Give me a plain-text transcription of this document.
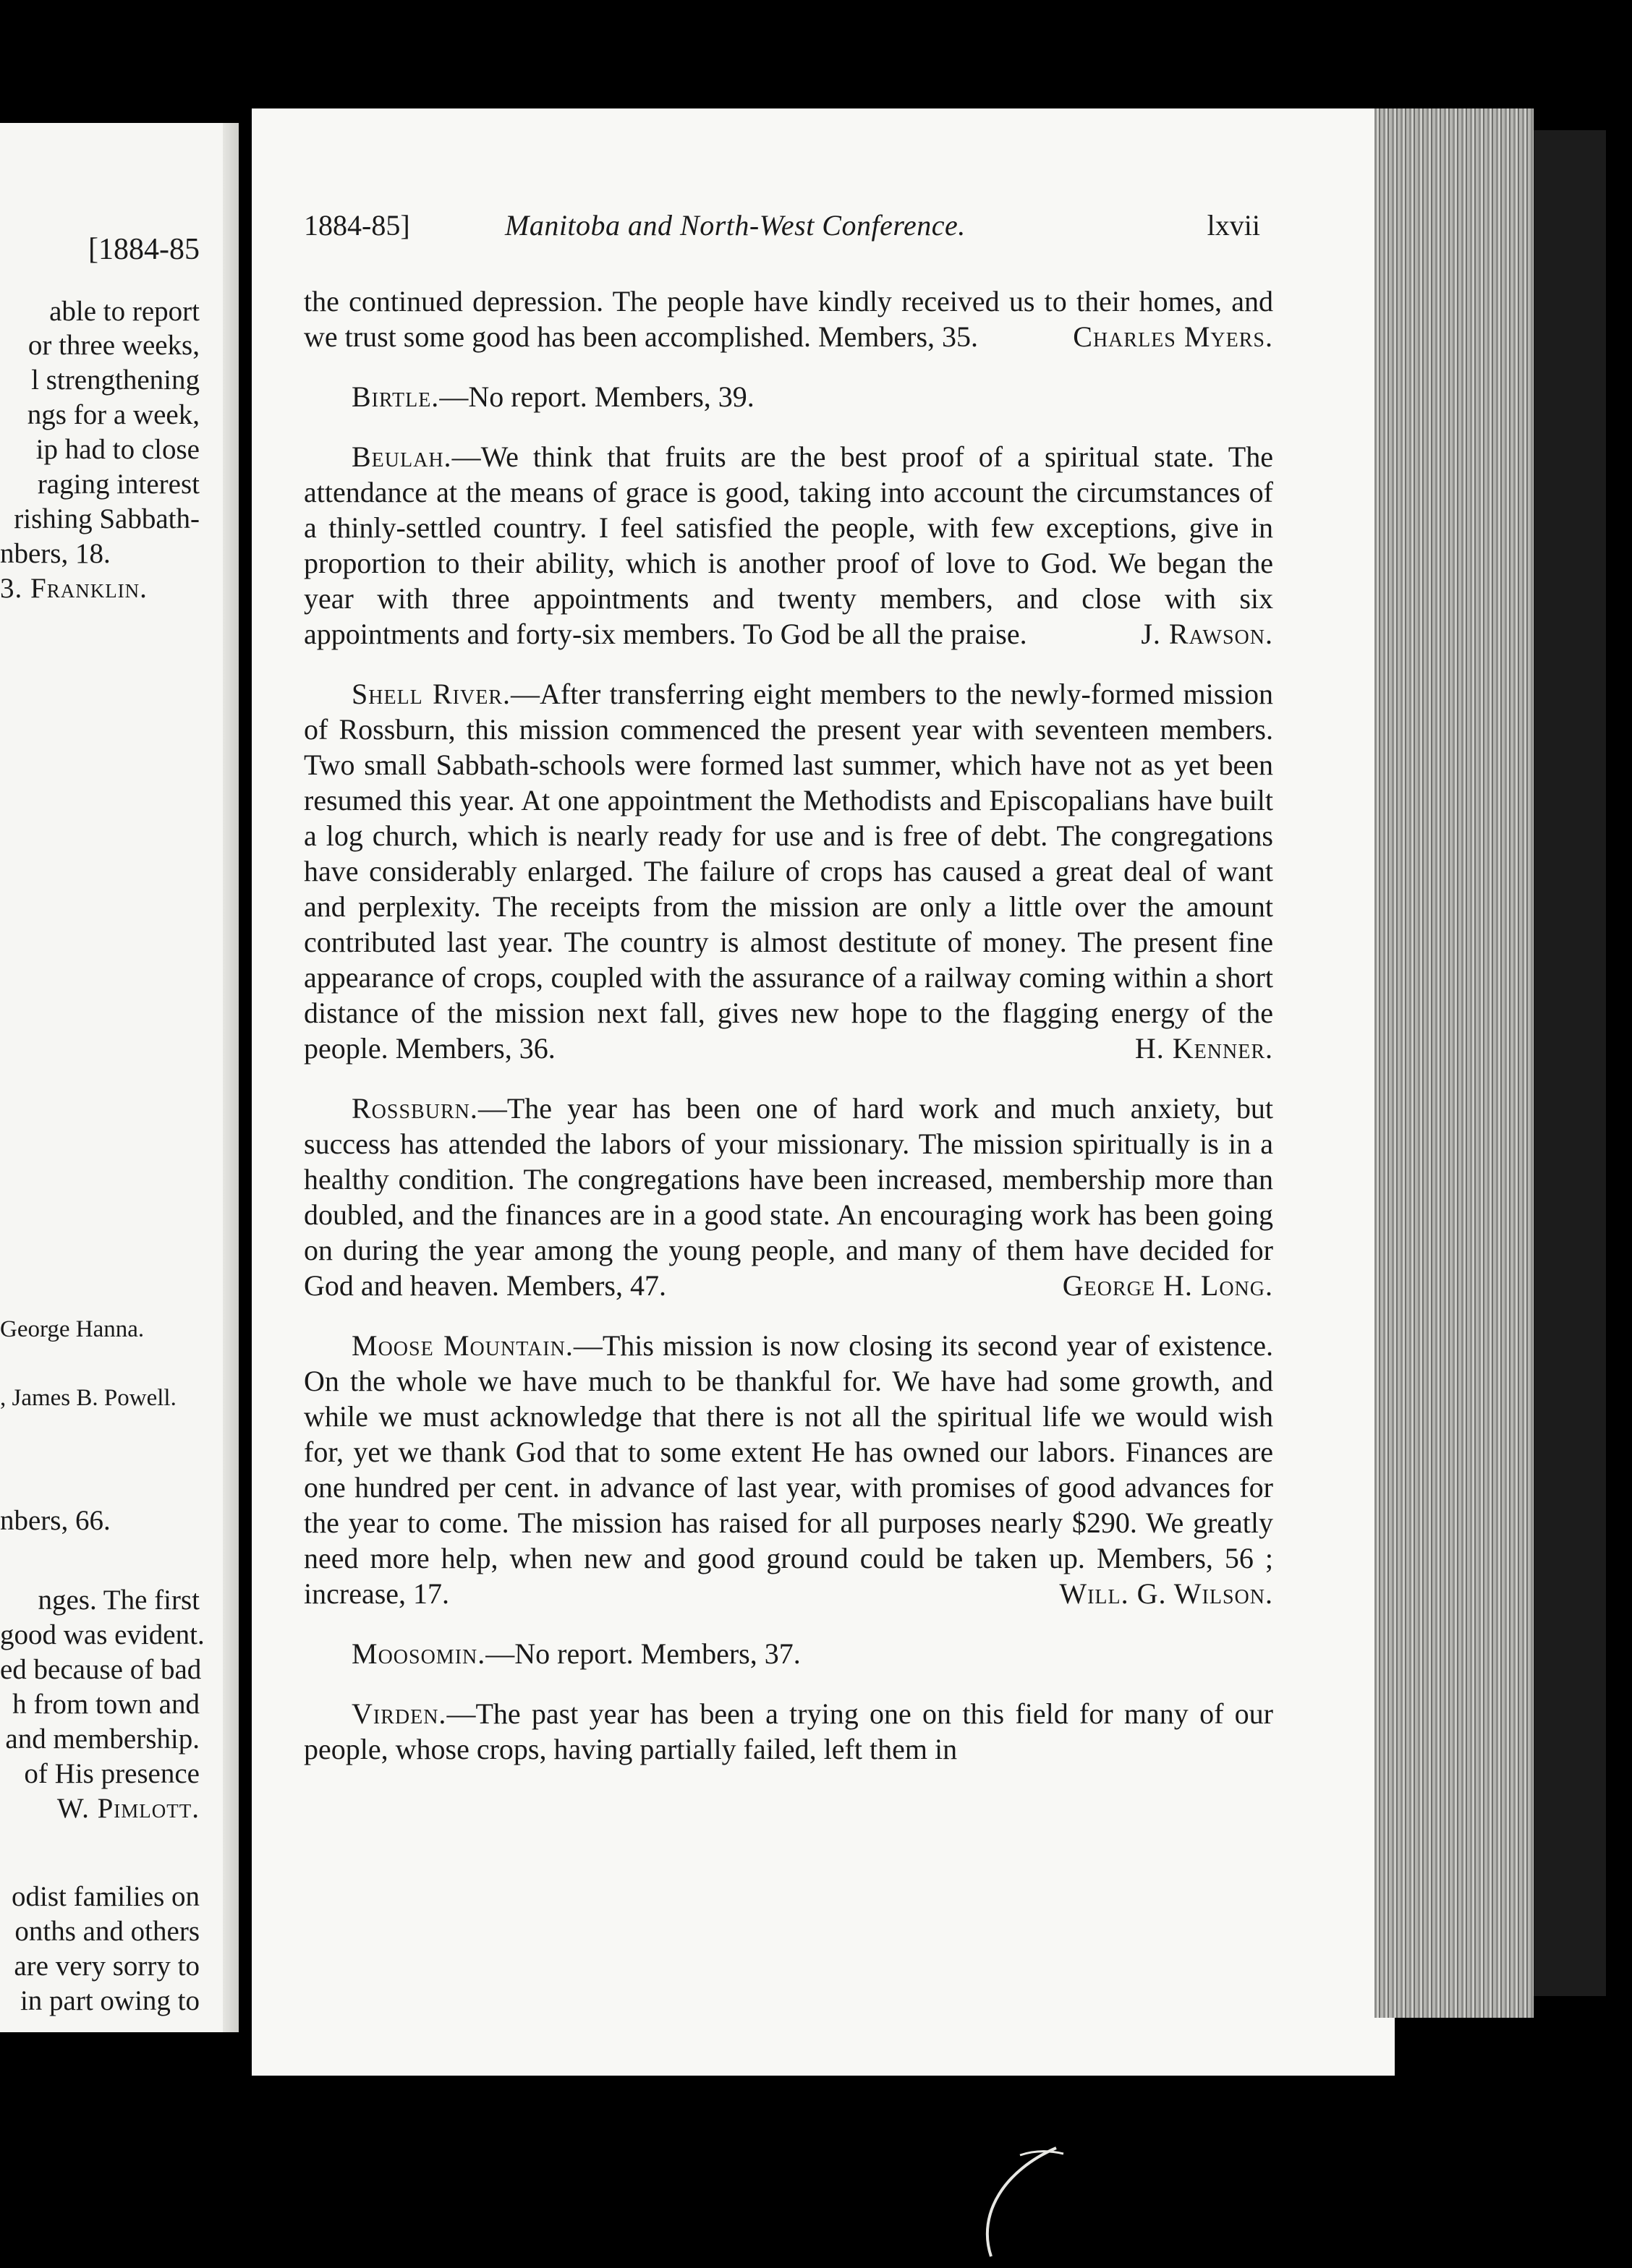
[1884-85
able to report
or three weeks,
l strengthening
ngs for a week,
ip had to close
raging interest
rishing Sabbath-
nbers, 18.
3. Franklin.
George Hanna.
, James B. Powell.
nbers, 66.
nges. The first
good was evident.
ed because of bad
h from town and
and membership.
of His presence
W. Pimlott.
odist families on
onths and others
are very sorry to
in part owing to
1884-85]	Manitoba and North-West Conference.	lxvii
the continued depression. The people have kindly received us to their homes, and we trust some good has been accomplished. Members, 35.	Charles Myers.
Birtle.—No report. Members, 39.
Beulah.—We think that fruits are the best proof of a spiritual state. The attendance at the means of grace is good, taking into account the circumstances of a thinly-settled country. I feel satisfied the people, with few exceptions, give in proportion to their ability, which is another proof of love to God. We began the year with three appointments and twenty members, and close with six appointments and forty-six members. To God be all the praise.	J. Rawson.
Shell River.—After transferring eight members to the newly-formed mission of Rossburn, this mission commenced the present year with seventeen members. Two small Sabbath-schools were formed last summer, which have not as yet been resumed this year. At one appointment the Methodists and Episcopalians have built a log church, which is nearly ready for use and is free of debt. The congregations have considerably enlarged. The failure of crops has caused a great deal of want and perplexity. The receipts from the mission are only a little over the amount contributed last year. The country is almost destitute of money. The present fine appearance of crops, coupled with the assurance of a railway coming within a short distance of the mission next fall, gives new hope to the flagging energy of the people. Members, 36.	H. Kenner.
Rossburn.—The year has been one of hard work and much anxiety, but success has attended the labors of your missionary. The mission spiritually is in a healthy condition. The congregations have been increased, membership more than doubled, and the finances are in a good state. An encouraging work has been going on during the year among the young people, and many of them have decided for God and heaven. Members, 47.	George H. Long.
Moose Mountain.—This mission is now closing its second year of existence. On the whole we have much to be thankful for. We have had some growth, and while we must acknowledge that there is not all the spiritual life we would wish for, yet we thank God that to some extent He has owned our labors. Finances are one hundred per cent. in advance of last year, with promises of good advances for the year to come. The mission has raised for all purposes nearly $290. We greatly need more help, when new and good ground could be taken up. Members, 56 ; increase, 17.	Will. G. Wilson.
Moosomin.—No report. Members, 37.
Virden.—The past year has been a trying one on this field for many of our people, whose crops, having partially failed, left them in
